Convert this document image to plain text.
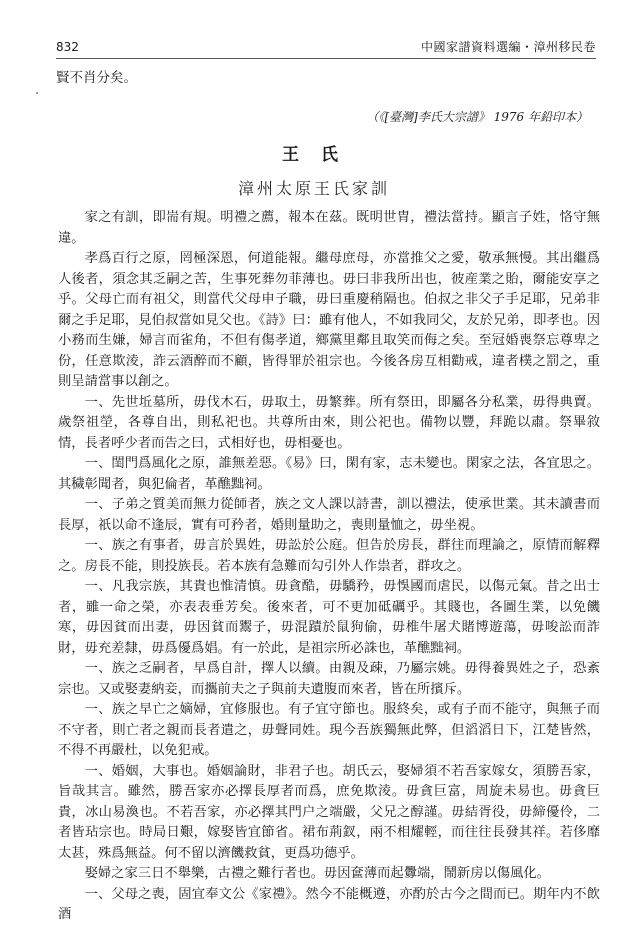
832	中國家譜資料選編・漳州移民卷
賢不肖分矣。
（《[臺灣]李氏大宗譜》 1976 年鉛印本）
王 氏
漳州太原王氏家訓

家之有訓，即耑有規。明禮之薦，報本在茲。既明世胄，禮法當持。顯言子姓，恪守無違。

孝爲百行之原，罔極深恩，何道能報。繼母庶母，亦當推父之愛，敬承無慢。其出繼爲人後者，須念其乏嗣之苦，生事死葬勿菲薄也。毋曰非我所出也，彼産業之貽，爾能安享之乎。父母亡而有祖父，則當代父母申子職，毋曰重慶稍隔也。伯叔之非父子手足耶，兄弟非爾之手足耶，見伯叔當如見父也。《詩》曰：雖有他人，不如我同父，友於兄弟，即孝也。因小務而生嫌，婦言而雀角，不但有傷孝道，鄉黨里鄰且取笑而侮之矣。至冠婚喪祭忘尊卑之份，任意欺淩，詐云酒醉而不顧，皆得罪於祖宗也。今後各房互相勸戒，違者樸之罰之，重則呈請當事以創之。

一、先世坵墓所，毋伐木石，毋取土，毋繁葬。所有祭田，即屬各分私業，毋得典賣。歲祭祖塋，各尊自出，則私祀也。共尊所由來，則公祀也。備物以豐，拜跪以肅。祭畢敘情，長者呼少者而告之曰，式相好也，毋相憂也。

一、閨門爲風化之原，誰無差惡。《易》曰，閑有家，志未變也。閑家之法，各宜思之。其穢彰聞者，與犯倫者，革醮黜祠。

一、子弟之質美而無力從師者，族之文人課以詩書，訓以禮法，使承世業。其未讀書而長厚，祇以命不逢辰，實有可矜者，婚則量助之，喪則量恤之，毋坐視。

一、族之有事者，毋言於異姓，毋訟於公庭。但告於房長，群往而理論之，原情而解釋之。房長不能，則投族長。若本族有急難而勾引外人作祟者，群攻之。

一、凡我宗族，其貴也惟清慎。毋貪酷，毋驕矜，毋悞國而虐民，以傷元氣。昔之出士者，雖一命之榮，亦表表垂芳矣。後來者，可不更加砥礪乎。其賤也，各圖生業，以免饑寒，毋因貧而出妻，毋因貧而鬻子，毋混蹟於鼠狗偷，毋椎牛屠犬賭博遊蕩，毋唆訟而詐財，毋充差隸，毋爲優爲娼。有一於此，是祖宗所必誅也，革醮黜祠。

一、族之乏嗣者，早爲自計，擇人以續。由親及疎，乃屬宗姚。毋得養異姓之子，恐紊宗也。又或娶妻納妾，而攜前夫之子與前夫遺腹而來者，皆在所擯斥。

一、族之早亡之嫡婦，宜修服也。有子宜守節也。服終矣，或有子而不能守，與無子而不守者，則亡者之親而長者遣之，毋聲同姓。現今吾族獨無此弊，但滔滔日下，江楚皆然，不得不再嚴杜，以免犯戒。

一、婚姻，大事也。婚姻論財，非君子也。胡氏云，娶婦須不若吾家嫁女，須勝吾家，旨哉其言。雖然，勝吾家亦必擇長厚者而爲，庶免欺淩。毋貪巨富，周旋未易也。毋貪巨貴，冰山易渙也。不若吾家，亦必擇其門户之端嚴，父兄之醇謹。毋結胥役，毋締優伶，二者皆玷宗也。時局日艱，嫁娶皆宜節省。裙布荊釵，兩不相耀輕，而往往長發其祥。若侈靡太甚，殊爲無益。何不留以濟饑救貧，更爲功德乎。

娶婦之家三日不舉樂，古禮之難行者也。毋因奩薄而起釁端，鬧新房以傷風化。

一、父母之喪，固宜奉文公《家禮》。然今不能概遵，亦酌於古今之間而已。期年内不飲酒
